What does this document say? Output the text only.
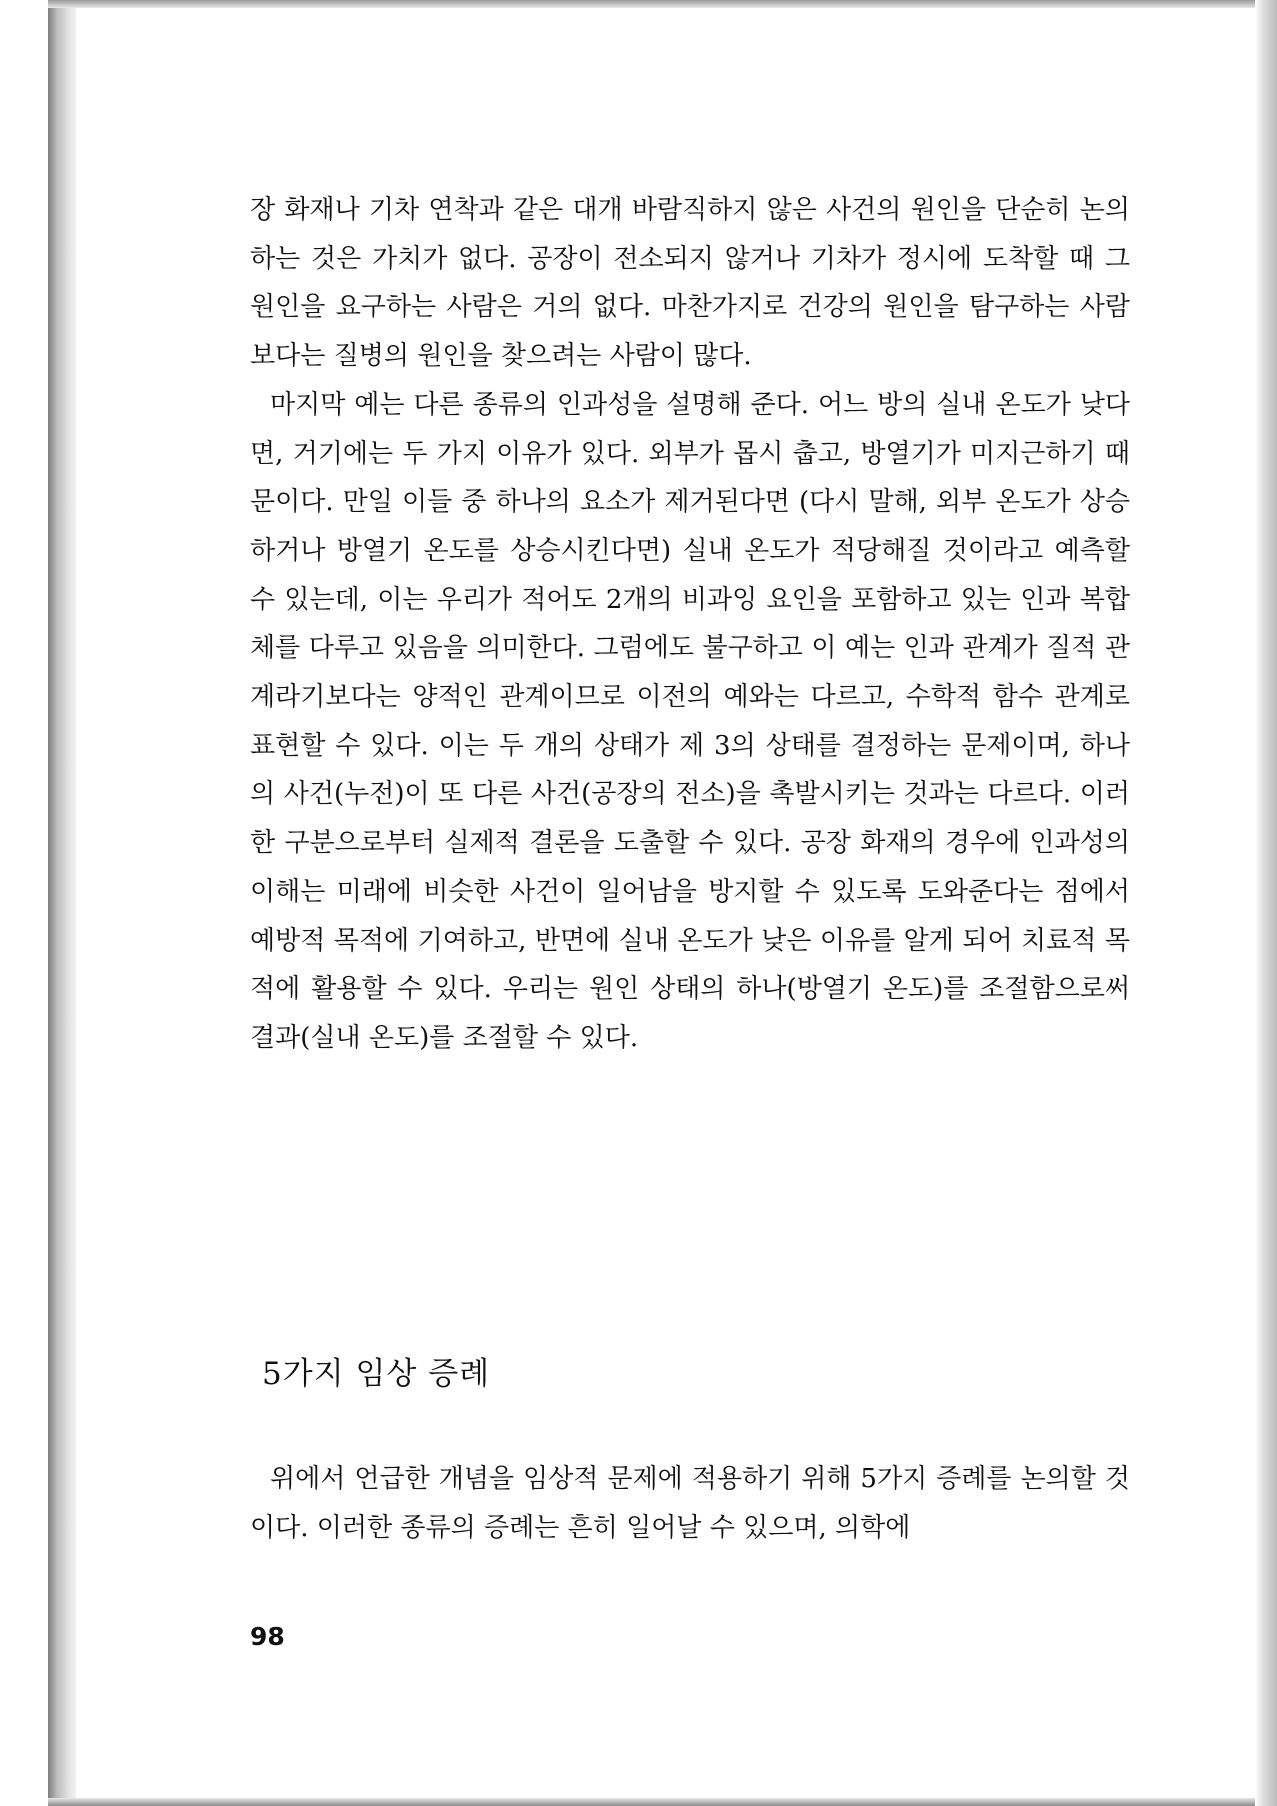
장 화재나 기차 연착과 같은 대개 바람직하지 않은 사건의 원인을 단순히 논의하는 것은 가치가 없다. 공장이 전소되지 않거나 기차가 정시에 도착할 때 그 원인을 요구하는 사람은 거의 없다. 마찬가지로 건강의 원인을 탐구하는 사람보다는 질병의 원인을 찾으려는 사람이 많다.

마지막 예는 다른 종류의 인과성을 설명해 준다. 어느 방의 실내 온도가 낮다면, 거기에는 두 가지 이유가 있다. 외부가 몹시 춥고, 방열기가 미지근하기 때문이다. 만일 이들 중 하나의 요소가 제거된다면 (다시 말해, 외부 온도가 상승하거나 방열기 온도를 상승시킨다면) 실내 온도가 적당해질 것이라고 예측할 수 있는데, 이는 우리가 적어도 2개의 비과잉 요인을 포함하고 있는 인과 복합체를 다루고 있음을 의미한다. 그럼에도 불구하고 이 예는 인과 관계가 질적 관계라기보다는 양적인 관계이므로 이전의 예와는 다르고, 수학적 함수 관계로 표현할 수 있다. 이는 두 개의 상태가 제 3의 상태를 결정하는 문제이며, 하나의 사건(누전)이 또 다른 사건(공장의 전소)을 촉발시키는 것과는 다르다. 이러한 구분으로부터 실제적 결론을 도출할 수 있다. 공장 화재의 경우에 인과성의 이해는 미래에 비슷한 사건이 일어남을 방지할 수 있도록 도와준다는 점에서 예방적 목적에 기여하고, 반면에 실내 온도가 낮은 이유를 알게 되어 치료적 목적에 활용할 수 있다. 우리는 원인 상태의 하나(방열기 온도)를 조절함으로써 결과(실내 온도)를 조절할 수 있다.

5가지 임상 증례

위에서 언급한 개념을 임상적 문제에 적용하기 위해 5가지 증례를 논의할 것이다. 이러한 종류의 증례는 흔히 일어날 수 있으며, 의학에

98
